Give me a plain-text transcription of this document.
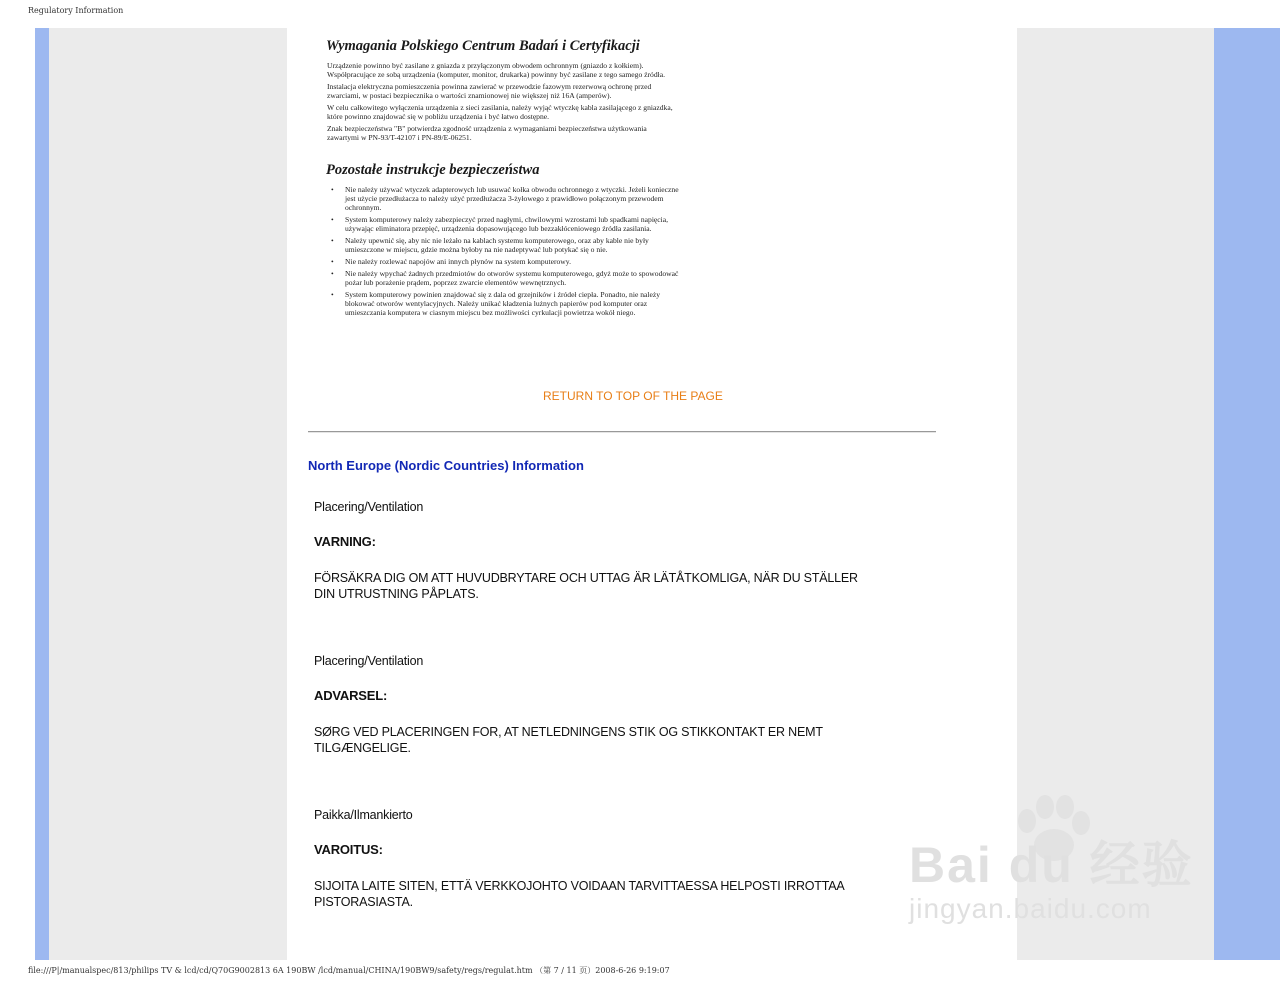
Regulatory Information
Wymagania Polskiego Centrum Badań i Certyfikacji

Urządzenie powinno być zasilane z gniazda z przyłączonym obwodem ochronnym (gniazdo z kołkiem). Współpracujące ze sobą urządzenia (komputer, monitor, drukarka) powinny być zasilane z tego samego źródła.

Instalacja elektryczna pomieszczenia powinna zawierać w przewodzie fazowym rezerwową ochronę przed zwarciami, w postaci bezpiecznika o wartości znamionowej nie większej niż 16A (amperów).

W celu całkowitego wyłączenia urządzenia z sieci zasilania, należy wyjąć wtyczkę kabla zasilającego z gniazdka, które powinno znajdować się w pobliżu urządzenia i być łatwo dostępne.

Znak bezpieczeństwa "B" potwierdza zgodność urządzenia z wymaganiami bezpieczeństwa użytkowania zawartymi w PN-93/T-42107 i PN-89/E-06251.

Pozostałe instrukcje bezpieczeństwa
• Nie należy używać wtyczek adapterowych lub usuwać kołka obwodu ochronnego z wtyczki. Jeżeli konieczne jest użycie przedłużacza to należy użyć przedłużacza 3-żyłowego z prawidłowo połączonym przewodem ochronnym.
• System komputerowy należy zabezpieczyć przed nagłymi, chwilowymi wzrostami lub spadkami napięcia, używając eliminatora przepięć, urządzenia dopasowującego lub bezzakłóceniowego źródła zasilania.
• Należy upewnić się, aby nic nie leżało na kablach systemu komputerowego, oraz aby kable nie były umieszczone w miejscu, gdzie można byłoby na nie nadeptywać lub potykać się o nie.
• Nie należy rozlewać napojów ani innych płynów na system komputerowy.
• Nie należy wpychać żadnych przedmiotów do otworów systemu komputerowego, gdyż może to spowodować pożar lub porażenie prądem, poprzez zwarcie elementów wewnętrznych.
• System komputerowy powinien znajdować się z dala od grzejników i źródeł ciepła. Ponadto, nie należy blokować otworów wentylacyjnych. Należy unikać kładzenia lużnych papierów pod komputer oraz umieszczania komputera w ciasnym miejscu bez możliwości cyrkulacji powietrza wokół niego.
RETURN TO TOP OF THE PAGE
North Europe (Nordic Countries) Information
Placering/Ventilation
VARNING:
FÖRSÄKRA DIG OM ATT HUVUDBRYTARE OCH UTTAG ÄR LÄTÅTKOMLIGA, NÄR DU STÄLLER DIN UTRUSTNING PÅPLATS.
Placering/Ventilation
ADVARSEL:
SØRG VED PLACERINGEN FOR, AT NETLEDNINGENS STIK OG STIKKONTAKT ER NEMT TILGÆNGELIGE.
Paikka/Ilmankierto
VAROITUS:
SIJOITA LAITE SITEN, ETTÄ VERKKOJOHTO VOIDAAN TARVITTAESSA HELPOSTI IRROTTAA PISTORASIASTA.
Bai du 经验
jingyan.baidu.com
file:///P|/manualspec/813/philips TV & lcd/cd/Q70G9002813 6A 190BW /lcd/manual/CHINA/190BW9/safety/regs/regulat.htm （第 7 / 11 页）2008-6-26 9:19:07
